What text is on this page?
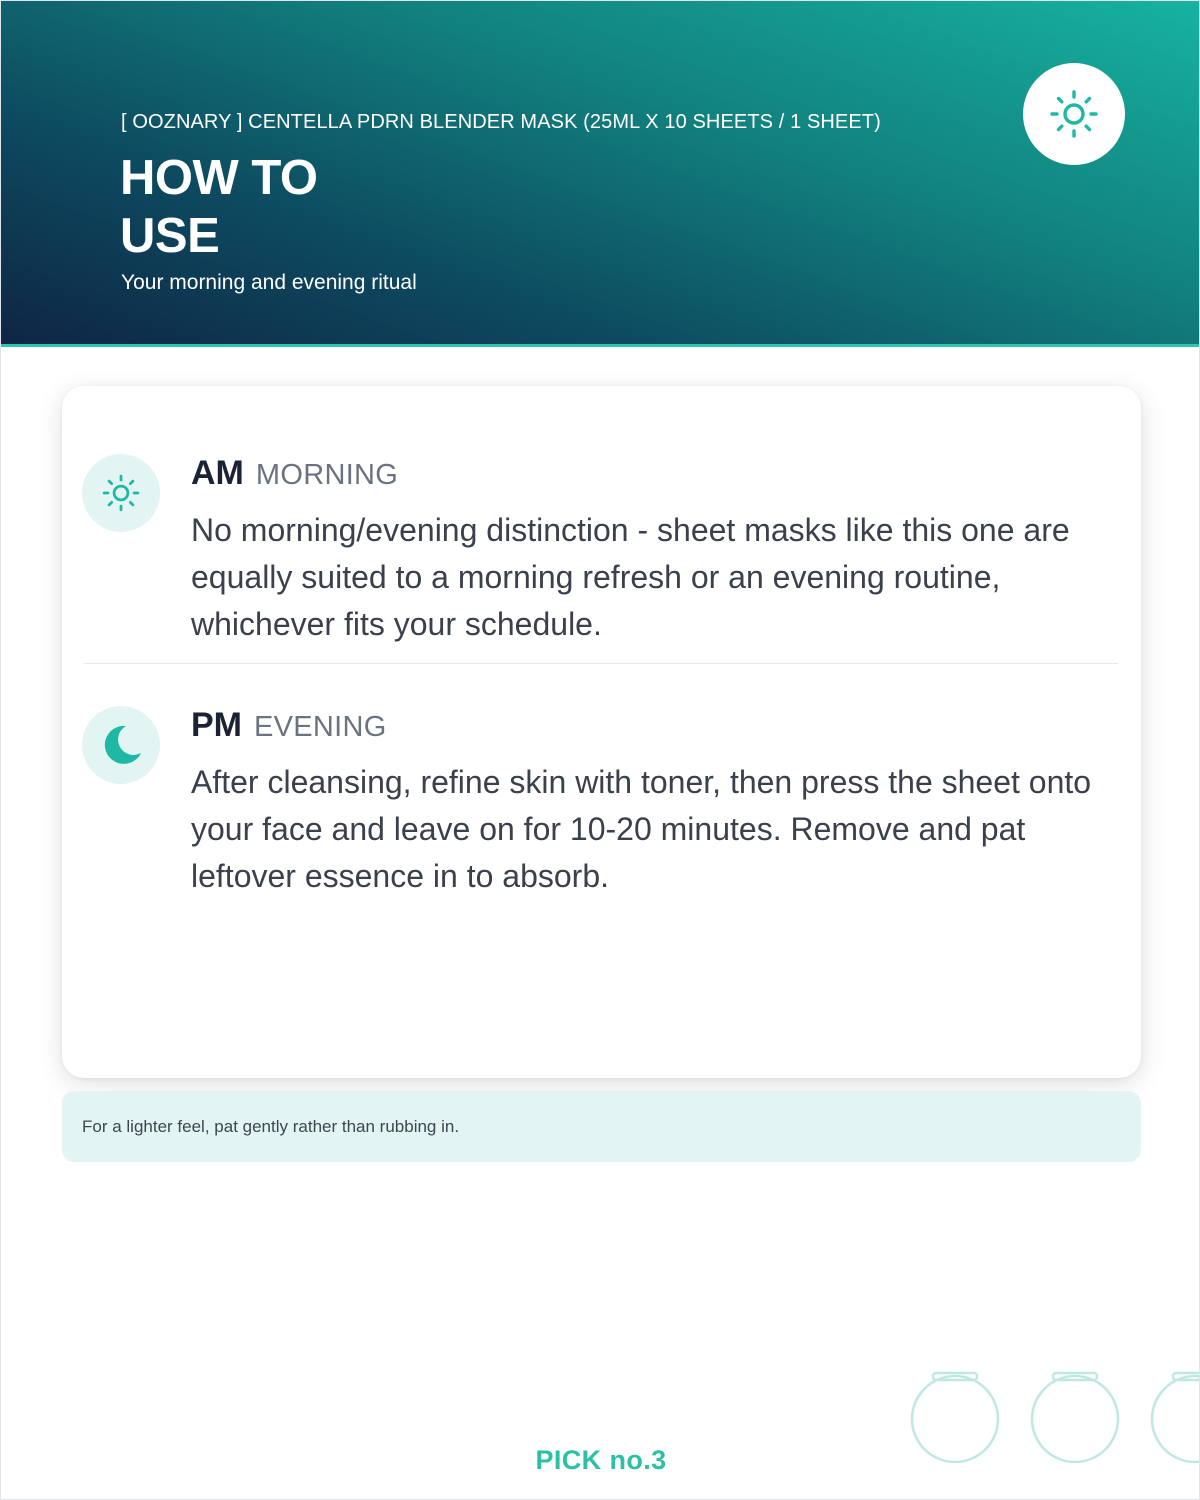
[ OOZNARY ] CENTELLA PDRN BLENDER MASK (25ML X 10 SHEETS / 1 SHEET)
HOW TO
USE
Your morning and evening ritual
AM MORNING
No morning/evening distinction - sheet masks like this one are equally suited to a morning refresh or an evening routine, whichever fits your schedule.
PM EVENING
After cleansing, refine skin with toner, then press the sheet onto your face and leave on for 10-20 minutes. Remove and pat leftover essence in to absorb.
For a lighter feel, pat gently rather than rubbing in.
PICK no.3
